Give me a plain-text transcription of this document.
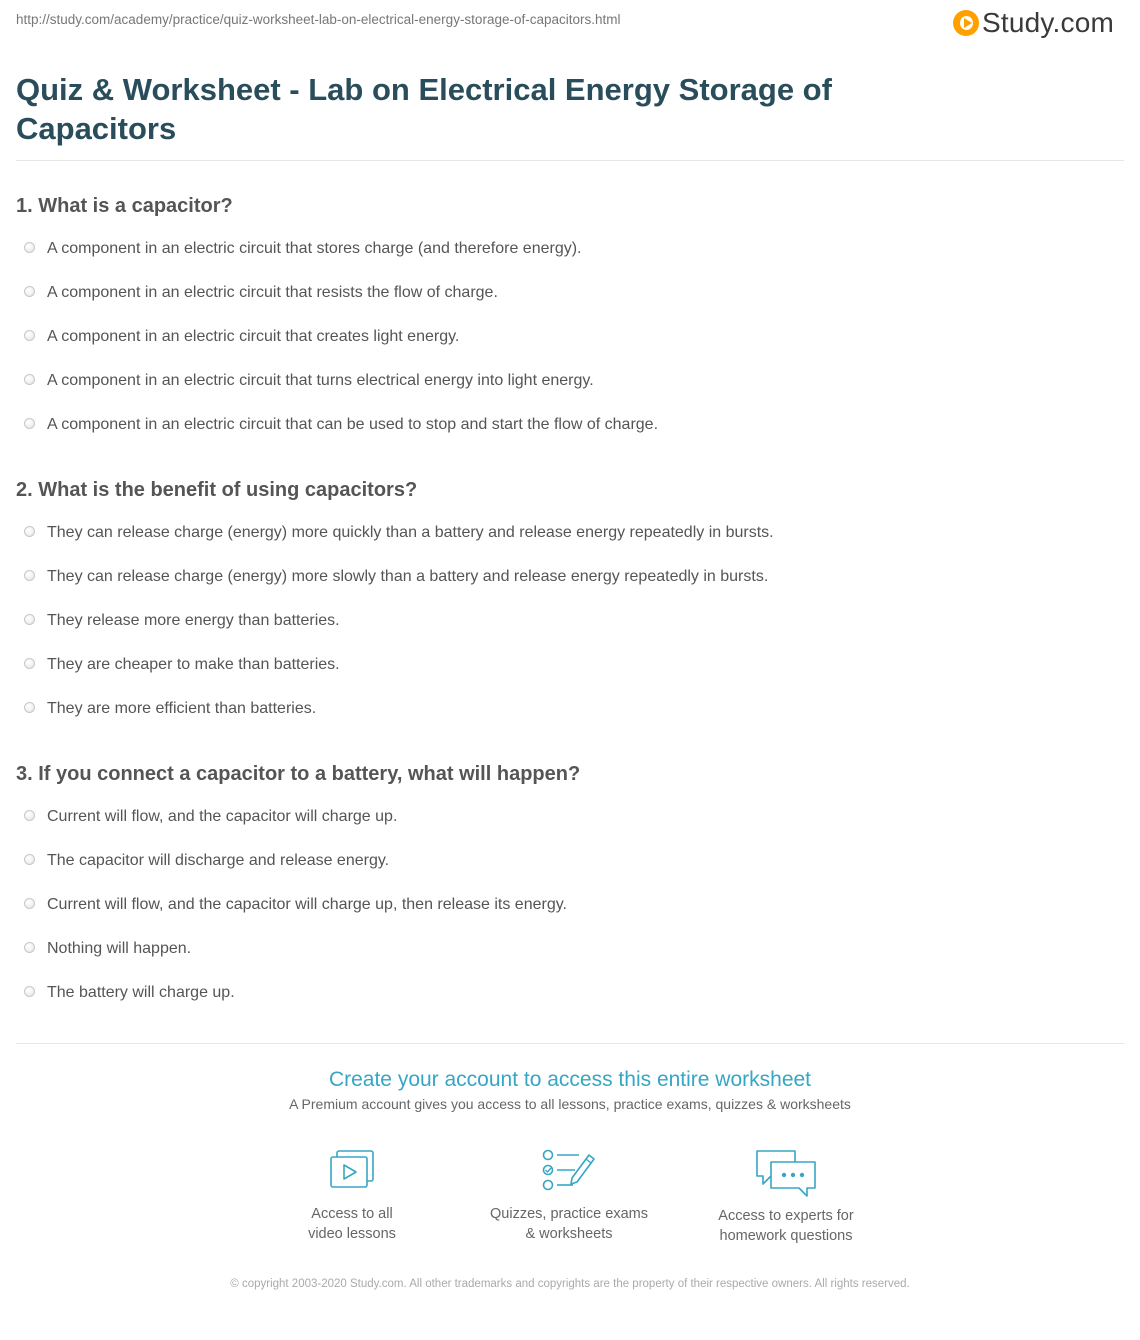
http://study.com/academy/practice/quiz-worksheet-lab-on-electrical-energy-storage-of-capacitors.html	Study.com
Quiz & Worksheet - Lab on Electrical Energy Storage of Capacitors
1. What is a capacitor?
A component in an electric circuit that stores charge (and therefore energy).
A component in an electric circuit that resists the flow of charge.
A component in an electric circuit that creates light energy.
A component in an electric circuit that turns electrical energy into light energy.
A component in an electric circuit that can be used to stop and start the flow of charge.
2. What is the benefit of using capacitors?
They can release charge (energy) more quickly than a battery and release energy repeatedly in bursts.
They can release charge (energy) more slowly than a battery and release energy repeatedly in bursts.
They release more energy than batteries.
They are cheaper to make than batteries.
They are more efficient than batteries.
3. If you connect a capacitor to a battery, what will happen?
Current will flow, and the capacitor will charge up.
The capacitor will discharge and release energy.
Current will flow, and the capacitor will charge up, then release its energy.
Nothing will happen.
The battery will charge up.
Create your account to access this entire worksheet
A Premium account gives you access to all lessons, practice exams, quizzes & worksheets
Access to all
video lessons
Quizzes, practice exams
& worksheets
Access to experts for
homework questions
© copyright 2003-2020 Study.com. All other trademarks and copyrights are the property of their respective owners. All rights reserved.
